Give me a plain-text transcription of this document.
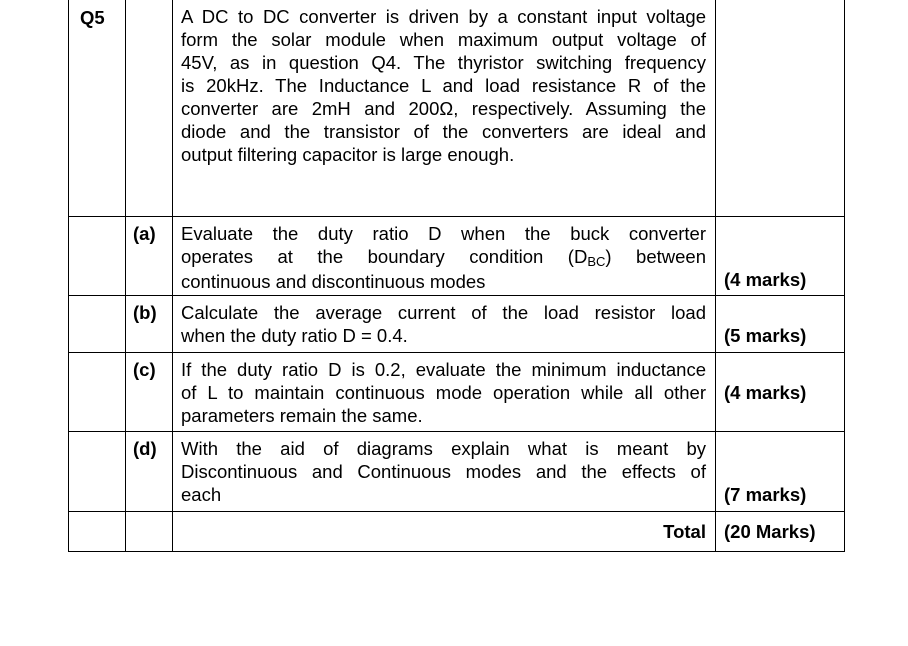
Q5	A DC to DC converter is driven by a constant input voltage
form the solar module when maximum output voltage of
45V, as in question Q4. The thyristor switching frequency
is 20kHz. The Inductance L and load resistance R of the
converter are 2mH and 200Ω, respectively. Assuming the
diode and the transistor of the converters are ideal and
output filtering capacitor is large enough.
(a) Evaluate the duty ratio D when the buck converter
operates at the boundary condition (DBC) between
continuous and discontinuous modes	(4 marks)
(b) Calculate the average current of the load resistor load
when the duty ratio D = 0.4.	(5 marks)
(c) If the duty ratio D is 0.2, evaluate the minimum inductance
of L to maintain continuous mode operation while all other
parameters remain the same.
(4 marks)
(d) With the aid of diagrams explain what is meant by
Discontinuous and Continuous modes and the effects of
each	(7 marks)
Total (20 Marks)
